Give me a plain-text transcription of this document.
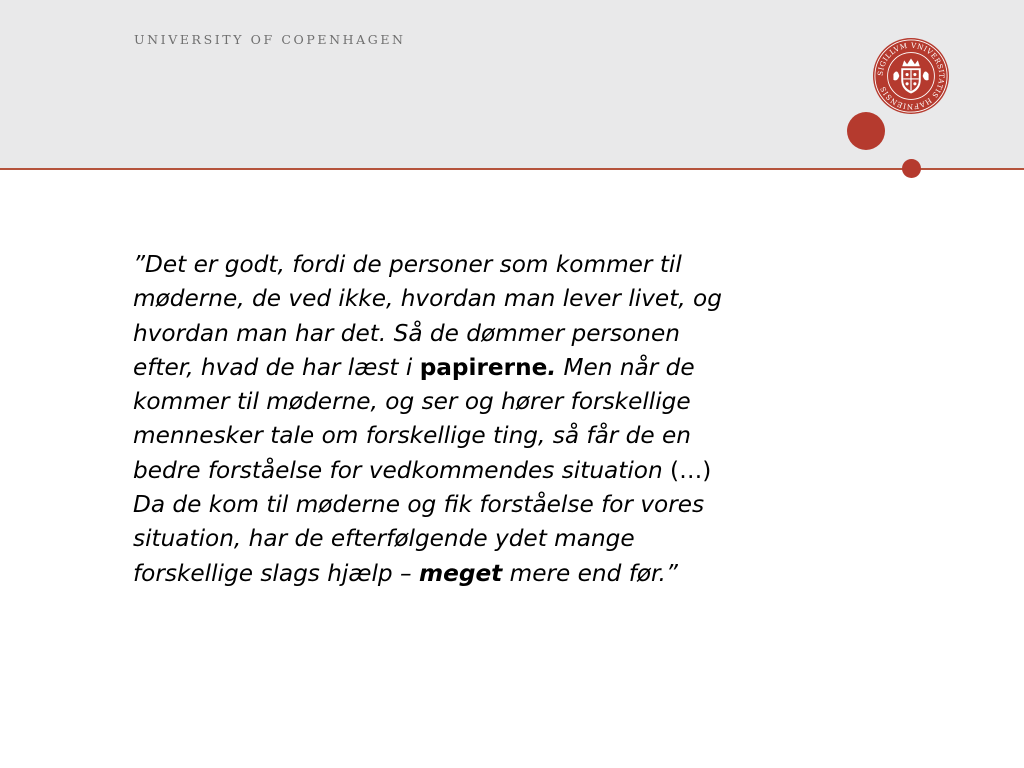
UNIVERSITY OF COPENHAGEN
SIGILLVM VNIVERSITATIS HAFNIENSIS
”Det er godt, fordi de personer som kommer til
møderne, de ved ikke, hvordan man lever livet, og
hvordan man har det. Så de dømmer personen
efter, hvad de har læst i papirerne. Men når de
kommer til møderne, og ser og hører forskellige
mennesker tale om forskellige ting, så får de en
bedre forståelse for vedkommendes situation (…)
Da de kom til møderne og fik forståelse for vores
situation, har de efterfølgende ydet mange
forskellige slags hjælp – meget mere end før.”
